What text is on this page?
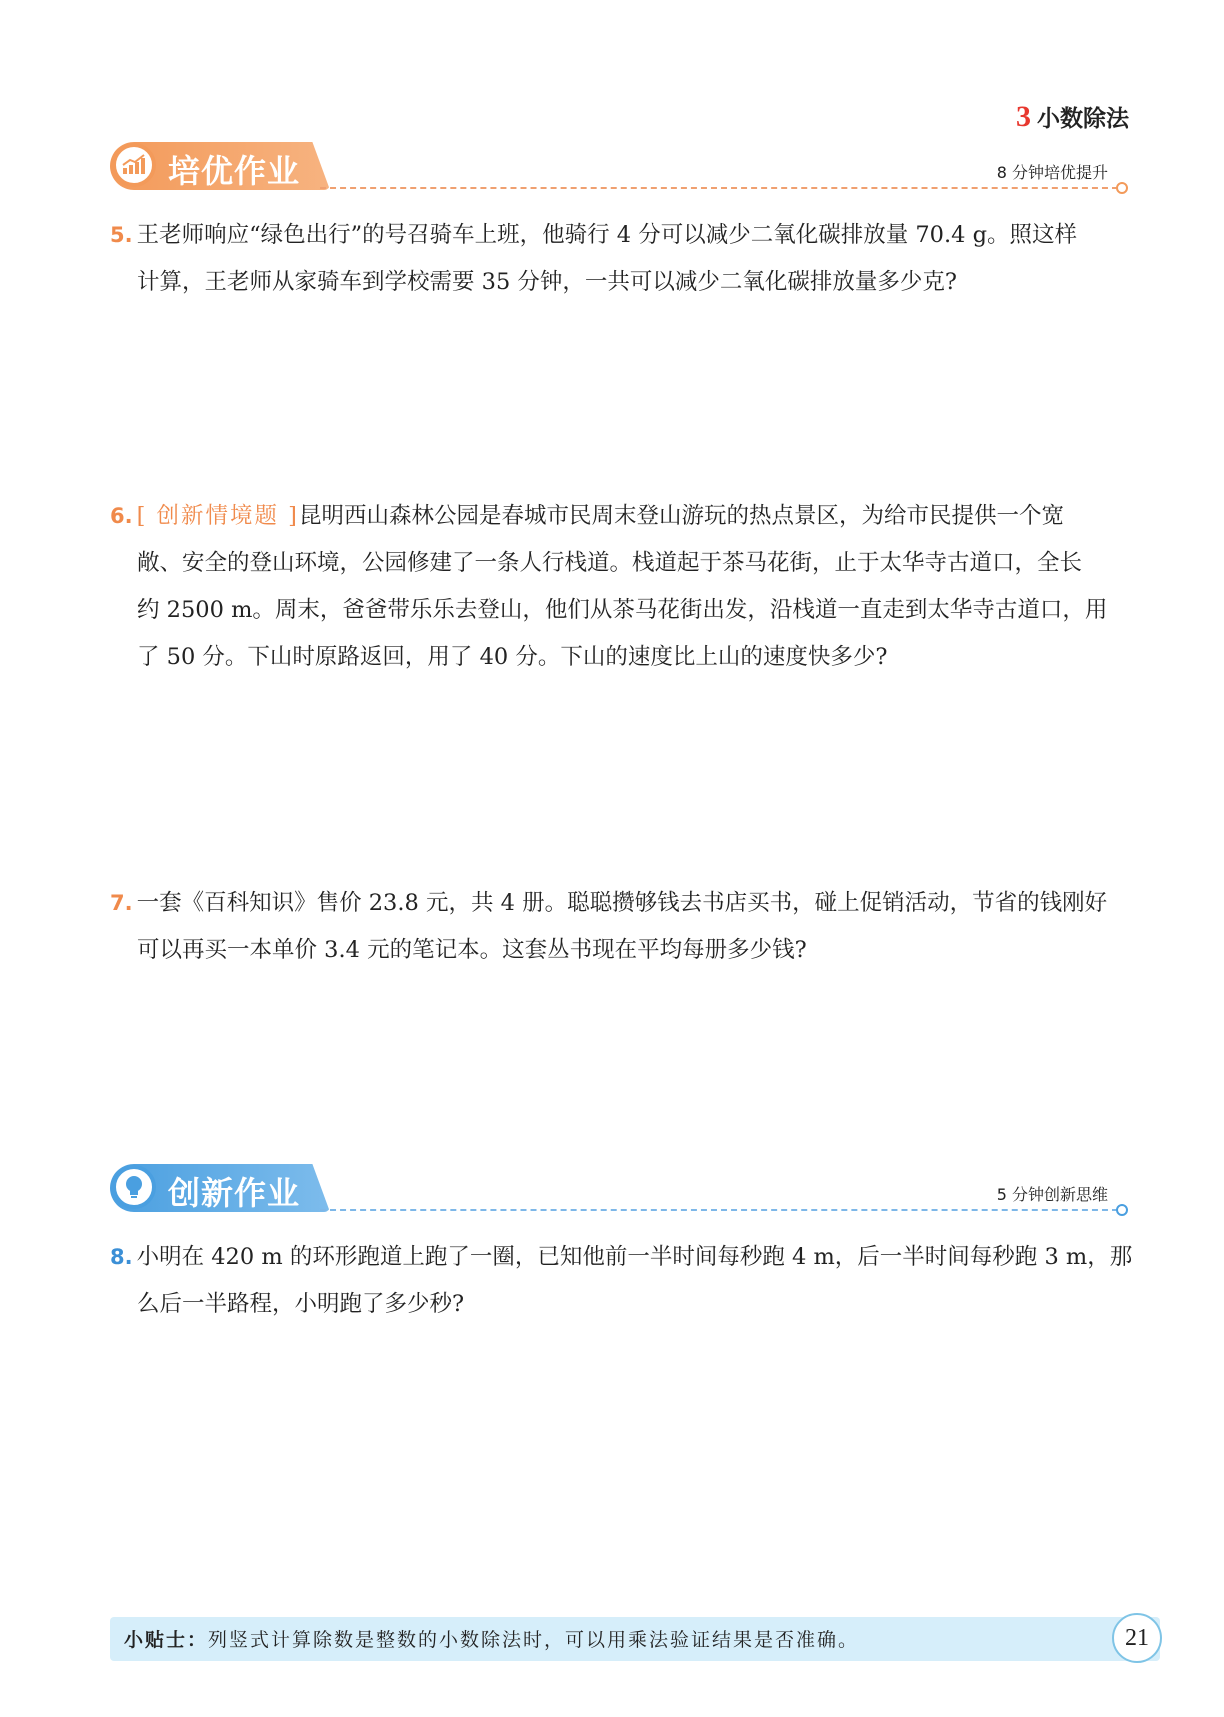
3 小数除法
培优作业	8 分钟培优提升
5. 王老师响应“绿色出行”的号召骑车上班，他骑行 4 分可以减少二氧化碳排放量 70.4 g。照这样
计算，王老师从家骑车到学校需要 35 分钟，一共可以减少二氧化碳排放量多少克?
6. [ 创新情境题 ]昆明西山森林公园是春城市民周末登山游玩的热点景区，为给市民提供一个宽
敞、安全的登山环境，公园修建了一条人行栈道。栈道起于茶马花街，止于太华寺古道口，全长
约 2500 m。周末，爸爸带乐乐去登山，他们从茶马花街出发，沿栈道一直走到太华寺古道口，用
了 50 分。下山时原路返回，用了 40 分。下山的速度比上山的速度快多少?
7. 一套《百科知识》售价 23.8 元，共 4 册。聪聪攒够钱去书店买书，碰上促销活动，节省的钱刚好
可以再买一本单价 3.4 元的笔记本。这套丛书现在平均每册多少钱?
创新作业	5 分钟创新思维
8. 小明在 420 m 的环形跑道上跑了一圈，已知他前一半时间每秒跑 4 m，后一半时间每秒跑 3 m，那
么后一半路程，小明跑了多少秒?
小贴士：列竖式计算除数是整数的小数除法时，可以用乘法验证结果是否准确。	21
